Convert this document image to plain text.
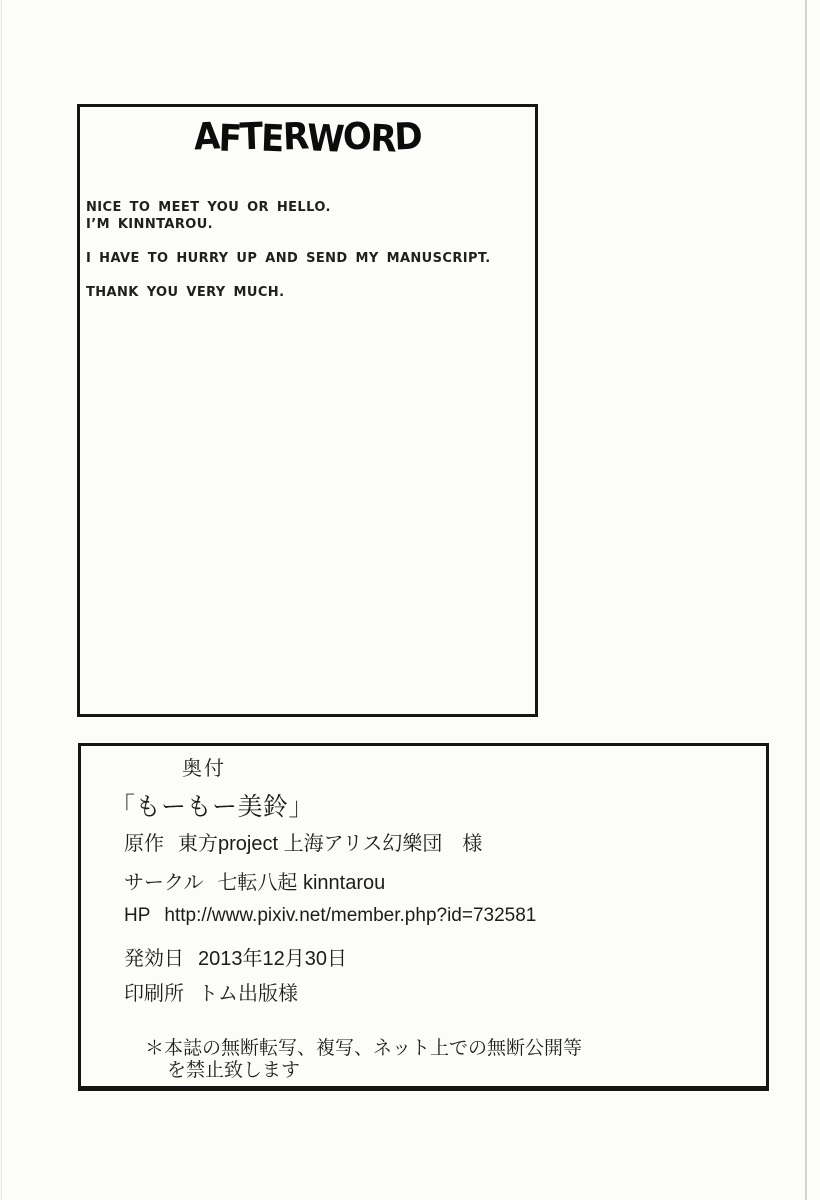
AFTERWORD
NICE TO MEET YOU OR HELLO.
I’M KINNTAROU.
I HAVE TO HURRY UP AND SEND MY MANUSCRIPT.
THANK YOU VERY MUCH.
奥付
「もーもー美鈴」
原作 東方project 上海アリス幻樂団　様
サークル 七転八起 kinntarou
HP http://www.pixiv.net/member.php?id=732581
発効日 2013年12月30日
印刷所 トム出版様
＊本誌の無断転写、複写、ネット上での無断公開等
を禁止致します
